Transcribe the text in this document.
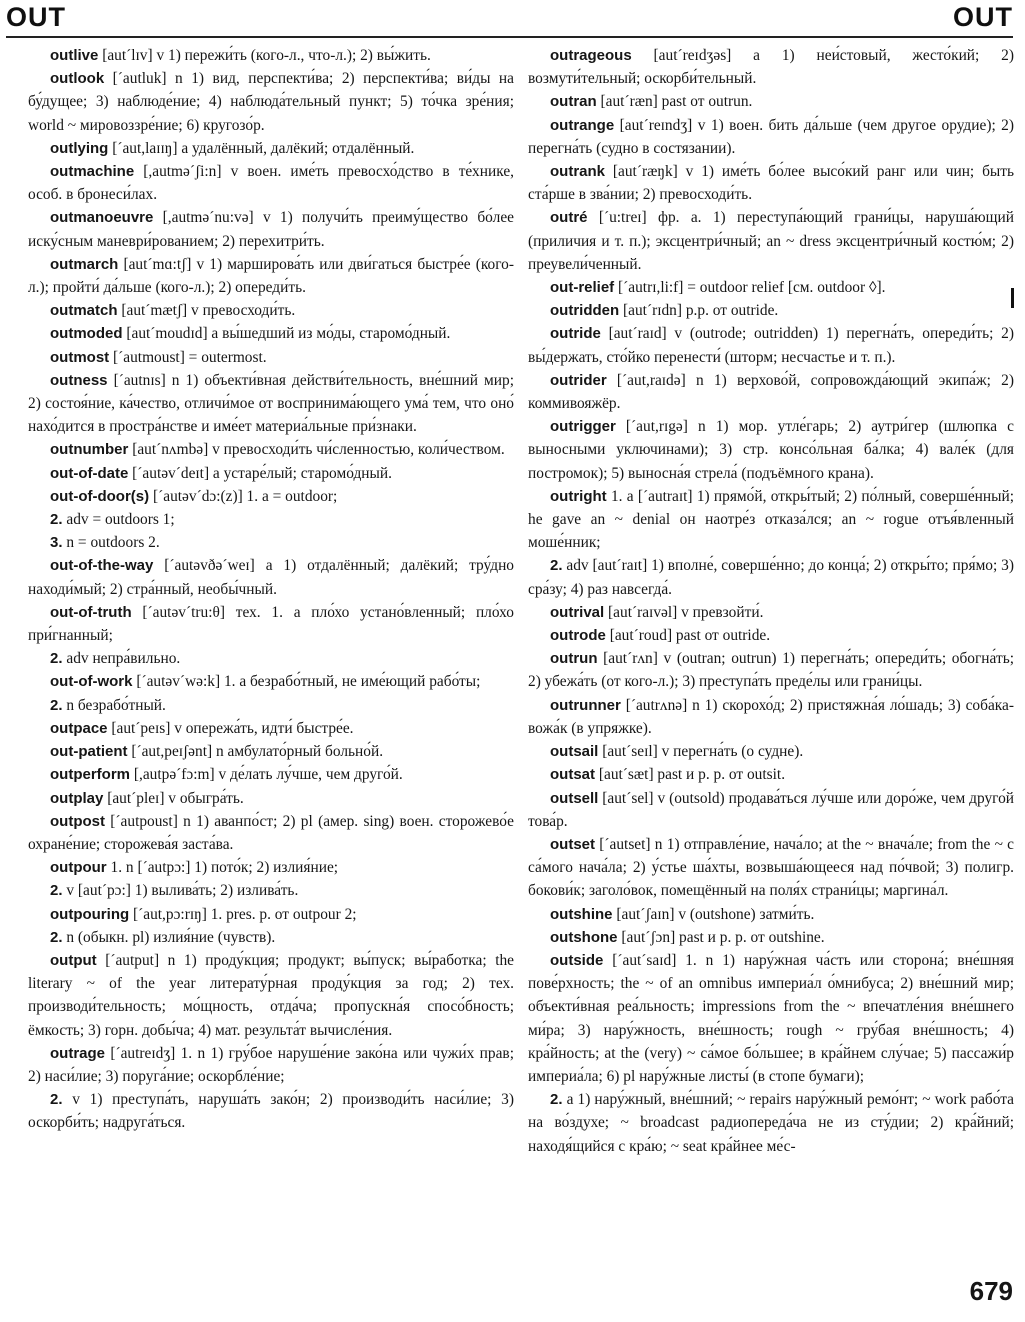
OUT	OUT

outlive [aut´lɪv] v 1) пережи́ть (кого-л., что-л.); 2) вы́жить.

outlook [´autluk] n 1) вид, перспекти́ва; 2) перспекти́ва; ви́ды на бу́дущее; 3) наблюде́ние; 4) наблюда́тельный пункт; 5) то́чка зре́ния; world ~ мировоззре́ние; 6) кругозо́р.

outlying [´aut,laɪɪŋ] a удалённый, далёкий; отдалённый.

outmachine [,autmə´ʃi:n] v воен. име́ть превосхо́дство в те́хнике, особ. в бронеси́лах.

outmanoeuvre [,autmə´nu:və] v 1) получи́ть преиму́щество бо́лее иску́сным маневри́рованием; 2) перехитри́ть.

outmarch [aut´mɑ:tʃ] v 1) марширова́ть или дви́гаться быстре́е (кого-л.); пройти́ да́льше (кого-л.); 2) опереди́ть.

outmatch [aut´mætʃ] v превосходи́ть.

outmoded [aut´moudɪd] a вы́шедший из мо́ды, старомо́дный.

outmost [´autmoust] = outermost.

outness [´autnɪs] n 1) объекти́вная действи́тельность, вне́шний мир; 2) состоя́ние, ка́чество, отличи́мое от воспринима́ющего ума́ тем, что оно́ нахо́дится в простра́нстве и име́ет материа́льные при́знаки.

outnumber [aut´nʌmbə] v превосходи́ть чи́сленностью, коли́чеством.

out-of-date [´autəv´deɪt] a устаре́лый; старомо́дный.

out-of-door(s) [´autəv´dɔ:(z)] 1. a = outdoor;

2. adv = outdoors 1;

3. n = outdoors 2.

out-of-the-way [´autəvðə´weɪ] a 1) отдалённый; далёкий; тру́дно находи́мый; 2) стра́нный, необы́чный.

out-of-truth [´autəv´tru:θ] тех. 1. a пло́хо устано́вленный; пло́хо при́гнанный;

2. adv непра́вильно.

out-of-work [´autəv´wə:k] 1. a безрабо́тный, не име́ющий рабо́ты;

2. n безрабо́тный.

outpace [aut´peɪs] v опережа́ть, идти́ быстре́е.

out-patient [´aut,peɪʃənt] n амбулато́рный больно́й.

outperform [,autpə´fɔ:m] v де́лать лу́чше, чем друго́й.

outplay [aut´pleɪ] v обыгра́ть.

outpost [´autpoust] n 1) аванпо́ст; 2) pl (амер. sing) воен. сторожево́е охране́ние; сторожева́я заста́ва.

outpour 1. n [´autpɔ:] 1) пото́к; 2) излия́ние;

2. v [aut´pɔ:] 1) вылива́ть; 2) излива́ть.

outpouring [´aut,pɔ:rɪŋ] 1. pres. p. от outpour 2;

2. n (обыкн. pl) излия́ние (чувств).

output [´autput] n 1) проду́кция; продукт; вы́пуск; вы́работка; the literary ~ of the year литерату́рная проду́кция за год; 2) тех. производи́тельность; мо́щность, отда́ча; пропускна́я спосо́бность; ёмкость; 3) горн. добы́ча; 4) мат. результа́т вычисле́ния.

outrage [´autreɪdʒ] 1. n 1) гру́бое наруше́ние зако́на или чужи́х прав; 2) наси́лие; 3) поруга́ние; оскорбле́ние;

2. v 1) преступа́ть, наруша́ть зако́н; 2) производи́ть наси́лие; 3) оскорби́ть; надруга́ться.

outrageous [aut´reɪdʒəs] a 1) неи́стовый, жесто́кий; 2) возмути́тельный; оскорби́тельный.

outran [aut´ræn] past от outrun.

outrange [aut´reɪndʒ] v 1) воен. бить да́льше (чем другое орудие); 2) перегна́ть (судно в состязании).

outrank [aut´ræŋk] v 1) име́ть бо́лее высо́кий ранг или чин; быть ста́рше в зва́нии; 2) превосходи́ть.

outré [´u:treɪ] фр. a. 1) переступа́ющий грани́цы, наруша́ющий (приличия и т. п.); эксцентри́чный; an ~ dress эксцентри́чный костю́м; 2) преувели́ченный.

out-relief [´autrɪ,li:f] = outdoor relief [см. outdoor ◊].

outridden [aut´rɪdn] p.p. от outride.

outride [aut´raɪd] v (outrode; outridden) 1) перегна́ть, опереди́ть; 2) вы́держать, сто́йко перенести́ (шторм; несчастье и т. п.).

outrider [´aut,raɪdə] n 1) верхово́й, сопровожда́ющий экипа́ж; 2) коммивояжёр.

outrigger [´aut,rɪgə] n 1) мор. утле́гарь; 2) аутри́гер (шлюпка с выносными уключинами); 3) стр. консо́льная ба́лка; 4) вале́к (для постромок); 5) выносна́я стрела́ (подъёмного крана).

outright 1. a [´autraɪt] 1) прямо́й, откры́тый; 2) по́лный, соверше́нный; he gave an ~ denial он наотре́з отказа́лся; an ~ rogue отъя́вленный моше́нник;

2. adv [aut´raɪt] 1) вполне́, соверше́нно; до конца́; 2) откры́то; пря́мо; 3) сра́зу; 4) раз навсегда́.

outrival [aut´raɪvəl] v превзойти́.

outrode [aut´roud] past от outride.

outrun [aut´rʌn] v (outran; outrun) 1) перегна́ть; опереди́ть; обогна́ть; 2) убежа́ть (от кого-л.); 3) преступа́ть преде́лы или грани́цы.

outrunner [´autrʌnə] n 1) скорохо́д; 2) пристяжна́я ло́шадь; 3) соба́ка-вожа́к (в упряжке).

outsail [aut´seɪl] v перегна́ть (о судне).

outsat [aut´sæt] past и p. p. от outsit.

outsell [aut´sel] v (outsold) продава́ться лу́чше или доро́же, чем друго́й това́р.

outset [´autset] n 1) отправле́ние, нача́ло; at the ~ внача́ле; from the ~ с са́мого нача́ла; 2) у́стье ша́хты, возвыша́ющееся над по́чвой; 3) полигр. бокови́к; заголо́вок, помещённый на поля́х страни́цы; маргина́л.

outshine [aut´ʃaɪn] v (outshone) затми́ть.

outshone [aut´ʃɔn] past и p. p. от outshine.

outside [´aut´saɪd] 1. n 1) нару́жная ча́сть или сторона́; вне́шняя пове́рхность; the ~ of an omnibus империа́л о́мнибуса; 2) вне́шний мир; объекти́вная реа́льность; impressions from the ~ впечатле́ния вне́шнего ми́ра; 3) нару́жность, вне́шность; rough ~ гру́бая вне́шность; 4) кра́йность; at the (very) ~ са́мое бо́льшее; в кра́йнем слу́чае; 5) пассажи́р империа́ла; 6) pl нару́жные листы́ (в стопе бумаги);

2. a 1) нару́жный, вне́шний; ~ repairs нару́жный ремо́нт; ~ work рабо́та на во́здухе; ~ broadcast радиопереда́ча не из сту́дии; 2) кра́йний; находя́щийся с кра́ю; ~ seat кра́йнее ме́с-

679
